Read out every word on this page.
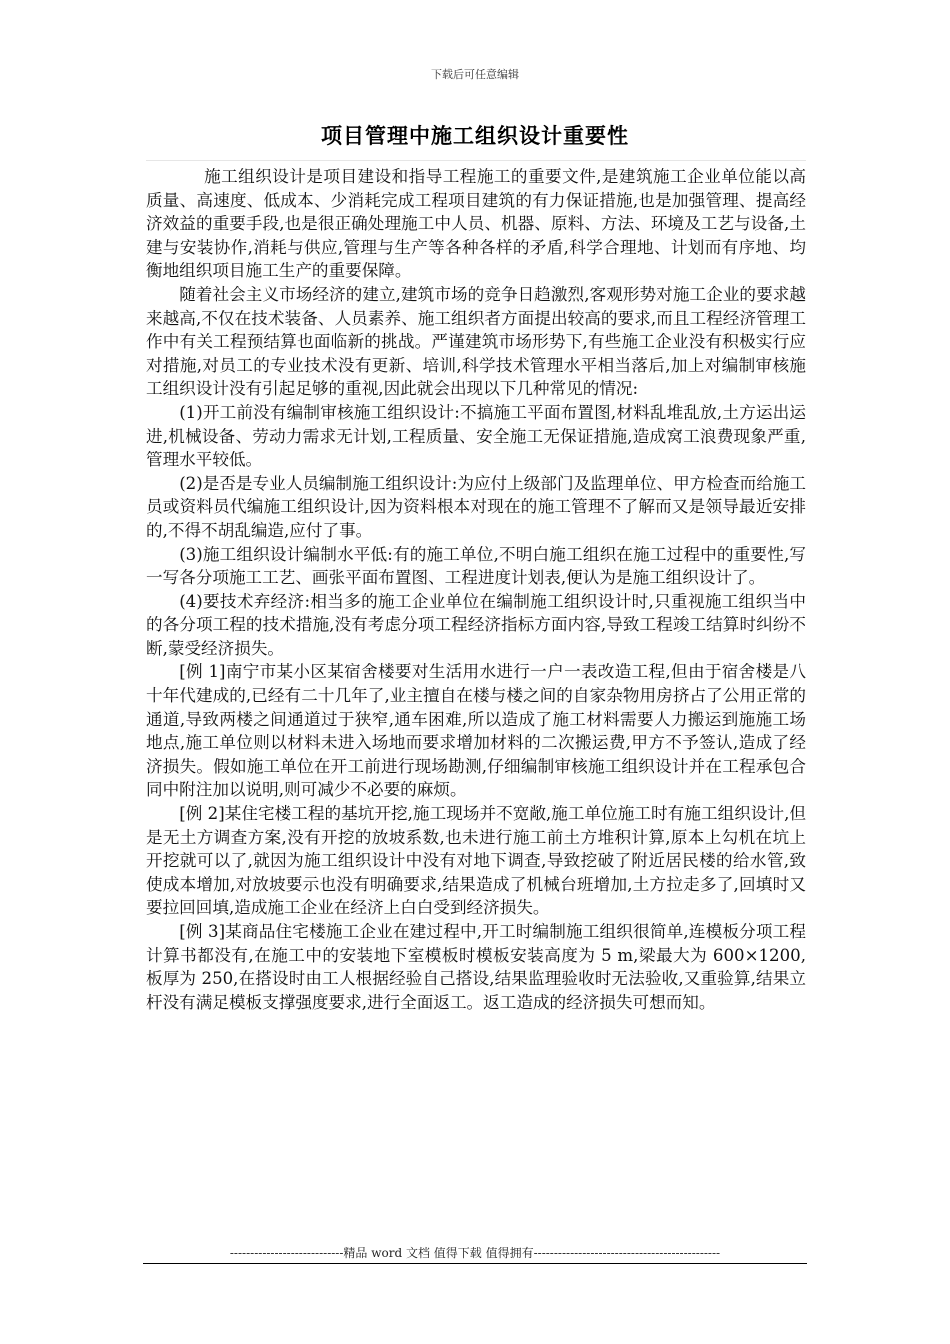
下载后可任意编辑
项目管理中施工组织设计重要性

施工组织设计是项目建设和指导工程施工的重要文件,是建筑施工企业单位能以高质量、高速度、低成本、少消耗完成工程项目建筑的有力保证措施,也是加强管理、提高经济效益的重要手段,也是很正确处理施工中人员、机器、原料、方法、环境及工艺与设备,土建与安装协作,消耗与供应,管理与生产等各种各样的矛盾,科学合理地、计划而有序地、均衡地组织项目施工生产的重要保障。

随着社会主义市场经济的建立,建筑市场的竞争日趋激烈,客观形势对施工企业的要求越来越高,不仅在技术装备、人员素养、施工组织者方面提出较高的要求,而且工程经济管理工作中有关工程预结算也面临新的挑战。严谨建筑市场形势下,有些施工企业没有积极实行应对措施,对员工的专业技术没有更新、培训,科学技术管理水平相当落后,加上对编制审核施工组织设计没有引起足够的重视,因此就会出现以下几种常见的情况:

(1)开工前没有编制审核施工组织设计:不搞施工平面布置图,材料乱堆乱放,土方运出运进,机械设备、劳动力需求无计划,工程质量、安全施工无保证措施,造成窝工浪费现象严重,管理水平较低。

(2)是否是专业人员编制施工组织设计:为应付上级部门及监理单位、甲方检查而给施工员或资料员代编施工组织设计,因为资料根本对现在的施工管理不了解而又是领导最近安排的,不得不胡乱编造,应付了事。

(3)施工组织设计编制水平低:有的施工单位,不明白施工组织在施工过程中的重要性,写一写各分项施工工艺、画张平面布置图、工程进度计划表,便认为是施工组织设计了。

(4)要技术弃经济:相当多的施工企业单位在编制施工组织设计时,只重视施工组织当中的各分项工程的技术措施,没有考虑分项工程经济指标方面内容,导致工程竣工结算时纠纷不断,蒙受经济损失。

[例 1]南宁市某小区某宿舍楼要对生活用水进行一户一表改造工程,但由于宿舍楼是八十年代建成的,已经有二十几年了,业主擅自在楼与楼之间的自家杂物用房挤占了公用正常的通道,导致两楼之间通道过于狭窄,通车困难,所以造成了施工材料需要人力搬运到施施工场地点,施工单位则以材料未进入场地而要求增加材料的二次搬运费,甲方不予签认,造成了经济损失。假如施工单位在开工前进行现场勘测,仔细编制审核施工组织设计并在工程承包合同中附注加以说明,则可减少不必要的麻烦。

[例 2]某住宅楼工程的基坑开挖,施工现场并不宽敞,施工单位施工时有施工组织设计,但是无土方调查方案,没有开挖的放坡系数,也未进行施工前土方堆积计算,原本上勾机在坑上开挖就可以了,就因为施工组织设计中没有对地下调查,导致挖破了附近居民楼的给水管,致使成本增加,对放坡要示也没有明确要求,结果造成了机械台班增加,土方拉走多了,回填时又要拉回回填,造成施工企业在经济上白白受到经济损失。

[例 3]某商品住宅楼施工企业在建过程中,开工时编制施工组织很简单,连模板分项工程计算书都没有,在施工中的安装地下室模板时模板安装高度为 5 m,梁最大为 600×1200,板厚为 250,在搭设时由工人根据经验自己搭设,结果监理验收时无法验收,又重验算,结果立杆没有满足模板支撑强度要求,进行全面返工。返工造成的经济损失可想而知。

----------------------------精品 word 文档 值得下载 值得拥有----------------------------------------------
